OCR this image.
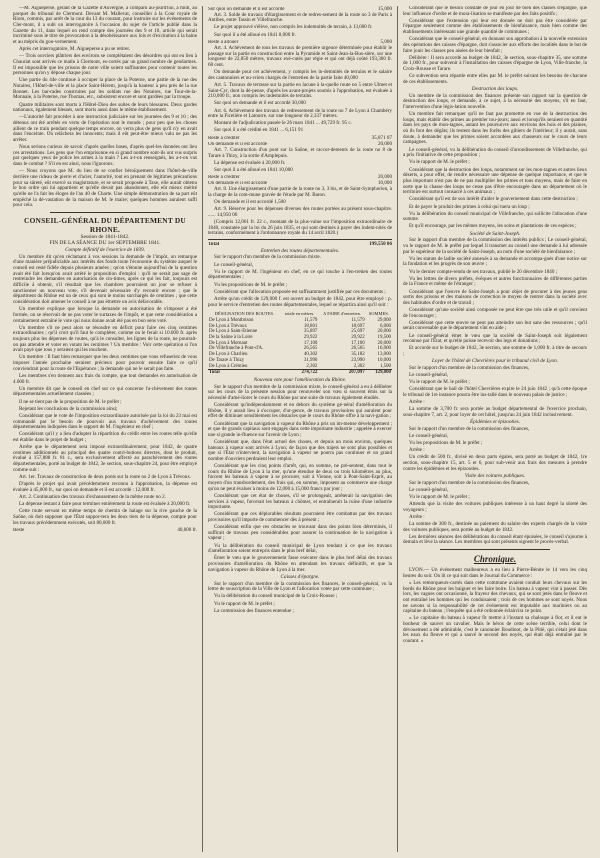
—M. Aigueperse, gérant de la Gazette d'Auvergne, à comparu au-jourd'hui, à midi, au parquet du tribunal de Clermont. Devant M. Mallevat, conseiller à la Cour royale de Riom, commis, par arrêt de la cour du 13 du courant, pour instruire sur les événements de Cler-mont, il a subi un interrogatoire à l'occasion du sujet de l'article publié dans la Gazette du 11, dans lequel on rend compte des journées des 9 et 10, article qui serait incriminé sous le titre de provocation à la désobéissance aux lois et d'excitation à la haine et au mépris du gou-vernement.

Après cet interrogatoire, M. Aigueperse a pu se retirer.

— Trois ouvriers plâtriers des environs se complétaient des désordres qui ont eu lieu à Chauriat sont arrivés ce matin à Clermont, es-cortés par un grand nombre de gendarmes. Il est impossible que les prisons de notre ville soient suffisantes pour contenir toutes les personnes qu'on y dépose chaque jour.

Une partie du 44e continue à occuper la place de la Poterne, une partie de la rue des Notaires, l'Hôtel-de-ville et la place Saint-Hérem, jusqu'à la hauteur à peu près de la rue Bonnet. Les bar-rades construites par les soldats rue des Notaires, rue Tour-de-la-Monnaie, à la Poterne, rue Thomas, etc., subsistent encore et sont gardées par la troupe.

Quatre militaires sont morts à l'Hôtel-Dieu des suites de leurs blessures. Deux gardes nationaux, également blessés, sont morts aussi dans le même établissement.

—L'autorité fait procéder à une instruction judiciaire sur les journées des 9 et 10 ; des détenus ont été arrêtés en vertu de l'opération tout le monde ; pour peu que les choses aillent de ce train pendant quelque temps encore, on verra plus de gens qu'il n'y en avait dans l'enceinte. On relâchera les innocents; mais il eût peut-être mieux valu ne pas les arrêter.

Nous serions curieux de savoir d'après quelles bases, d'après quel-les données ont lieu ces arrestations. Les gens que l'on emprisonne en si grand nombre sont-ils ont vus surpris par quelques yeux de police les armes à la main ? Les a-t-on renseignés, les a-t-on vus dans le combat ? S'il en est ainsi, nous l'ignorons.

— Nous croyons que M. du lieu de se confier héroïquement dans l'hôtel-de-ville derrière une rideau de pierre et d'acier, l'autorité, tout en prenant de légitimes précautions pour sa sûreté, eût exercé sa magistrature, et se serait proposée à Taxe, elle aurait obtenu le bon ordre qui lui appartient et qu'elle devait pas abandonner, elle eût mieux mérité qu'elle ne l'a fait les éloges de l'an 40 de Charte. Une simple démonstration de sa part eût empêché la dé-vastation de la maison de M. le maire; quelques hommes auraient suffi pour cela.

CONSEIL-GÉNÉRAL DU DÉPARTEMENT DU RHONE.
Session de 1841-1842.
FIN DE LA SÉANCE DU 1er SEPTEMBRE 1841.
Compte définitif de l'exercice de 1839.

Un membre dit qu'en réclamant à vos sessions la demande de l'impôt, on remarque d'une manière préjudiciable aux intérêts des fonds toute l'économie du système auquel le conseil est resté fidèle depuis plusieurs années ; qu'on s'étonne aujourd'hui de la question avait été fait lorsqu'on avait arrêté le proposition d'emploi : qu'il ne serait pas sage de restreindre les demandes en autorisation de cin-times, après ce qui les fait, toujours est difficile à obtenir, s'il résultait que les chambres pourraient un jour se refuser à sanctionner un nouveau vote, s'il devenait nécessaire d'y recourir encore ; que le départment du Rhône est un de ceux qui sont le moins surchargés de centimes ; que cette considération doit amener le conseil à ne pas émettre un avis défavorable.

Un membre explique que lorsque la demande en autorisation de s'imposer a été formée, on se réservait de ne pas voter le surtaxes de l'impôt, et que cette considération a certainement entraîné le vote qui nous donne avait été pas en bon sens voté.

Un membre s'il ne peut alors se résoudre en déficit pour faire ces cinq centimes extraordinaires ; qu'il croit qu'il faut le compléter, comme on le ferait si 10.000 fr. après toujours plus les dépenses de routes, qu'à le consulter, les lignes de la route, ne pourrait-on pas attendre et voter en votant les centimes ? Un membre : Voir cette opération si l'on avait payé que tous y seraient qui les touchent.

Un membre : Il faut bien remarquer que les deux centimes que vous refuseriez de vous imposer l'année prochaine seraient précieux pour pouvoir ensuite faire ce qu'il conviendrait pour la route de l'Espérance ; la demande qui ne le serait pas faite.

Les membres s'en tiennent aux frais du compte, que tout demandes en autorisation de 4.000 fr.

Un membre dit que le conseil en chef sur ce qui concerne l'a-chèvement des routes départementales actuellement classées ;

Il ne se tient pas de la proposition de M. le préfet ;

Rejetant les conclusions de la commission ainsi;

Considérant que le vote de l'imposition extraordinaire autorisée par la loi du 23 mai est commandé par le besoin de pourvoir aux travaux d'achèvement des routes départementales indiquées dans le rapport de M. l'ingénieur en chef ;

Considérant qu'il y a lieu d'adopter la répartition du crédit entre les routes telle qu'elle est établie dans le projet de budget ;

Arrête que le département sera imposé extraordinairement, pour 1842, de quatre centimes additionnels au principal des quatre contri-butions directes, dont le produit, évalué à 157,888 fr. 81 c., sera exclusivement affecté au parachèvement des routes départementales, porté au budget de 1842, 3e section, sous-chapitre 24, pour être employé comme suit :

Art. 1er. Travaux de construction de deux ponts sur la route no 2 de Lyon à Trévoux.

D'après le projet qui avait précédemment reconnu à l'approbation, la dépense est évaluée à 45,000 fr., sur quoi on demande et il est accordé : 12,000 fr.

Art. 2. Continuation des travaux d'exhaussement de la même route no 2.

La dépense restant à faire pour terminer entièrement la route est évaluée à 20,000 fr.

Cette route servant en même temps de chemin de halage sur la rive gauche de la Saône, où doit supposer que l'État suppor-tera les deux tiers de la dépense, compte pour les travaux précédemment exécutés, soit 80,000 fr.

Reste	40,000 fr.
Sur quoi on demande et il est accordé	15,000

Art. 3. Solde de travaux d'élargissement et de redres-sement de la route no 3 de Paris à Antibes, entre Tassin et Villefranche.

Le projet approuvé s'élève, non compris les indemnités de terrain, à 13,000 fr.

Sur quoi il a été alloué en 1841 8,000 fr.

Reste à allouer	5,000

Art. 4. Achèvement de tous les travaux de première urgence déterminée pour établir le passage sur la partie en construction entre la Pyramide et Saint-Jean-la-Bus-sière, sur une longueur de 22,850 mètres, travaux exé-cutés par régie et qui ont déjà coûté 193,300 fr. 68 cent.

On demande pour cet achèvement, y compris les in-demnités de terrains et le salaire des cantonniers et ou-vriers chargés de l'entretien de la partie faite 40,000

Art. 5. Travaux de terrasse sur la partie en lacune à la-quelle route no 5 entre Ulmet et Saint-Cyr, dont la dé-pense, d'après les avant-projets soumis à l'approbation, est évaluée à 210,000 fr., non compris les indemnités de terrains.

Sur quoi on demande et il est accordé 30,000

Art. 6. Achèvement des travaux de redressement de la route no 7 de Lyon à Chambéry entre la Ficelière et Latourre, sur une longueur de 2,337 mètres.

Montant de l'adjudication passée le 26 mars 1841 ... 49,729 fr. 95 c.

Sur quoi il a été crédité en 1841 ... 6,151 91

Reste à créditer	35,871 07
On demande et il est accordé	20,000

Art. 7. Construction d'un pont sur la Saône, et raccor-dements de la route no 8 de Tarare à Thizy, à la sortie d'Amplepuis.

La dépense est évaluée à 20,000 fr.

Sur quoi il a été alloué en 1841 10,000

Reste à créditer	20,000
On demande et il est accordé	10,000

Art. 8. Une élargissement d'une partie de la route no 3, 3 bis, et de Saint-Symphorien, à la charge de la com-mune gravée de l'étude par M. Baron.

On demande et il est accordé 1,500

Art. 9. Réserve pour les dépenses diverses des routes portées au présent sous-chapitre. ...... 14,950 06

(Compris 12,061 fr. 22 c., montant de la plus-value sur l'imposition extraordinaire de 1840, constatée par la loi du 26 juin 1835, et qui sont destinés à payer des indem-nités de terrains, conformément à l'ordonnance royale du 14 avril 1820.)

Total	199,550 06
Entretien des routes départementales.

Sur le rapport d'un membre de la commission mixte.

Le conseil-général,

Vu le rapport de M. l'ingénieur en chef, en ce qui touche à l'en-tretien des routes départementales ;

Vu les propositions de M. le préfet ;

Considérant que l'allocation proposée est suffisamment justifiée par ces documents ;

Arrête qu'un crédit de 129,000 f. est ouvert au budget de 1842, pour être employé : p. pour le service d'entretien des routes départementales, lequel se répartira ainsi qu'il suit :

DÉSIGNATION DES ROUTES.	totale en mètres.	A FAIRE d'entretien.	SOMMES.
De Lyon à Montbrison	11,579	11,579	29,000
De Lyon à Trévoux	18,801	18,697	6,000
De Lyon à Saint-Etienne	35,897	25,697	20,000
De la Saône à la Loire	29,922	29,922	19,500
De Lyon à Mornant	17,100	17,100	20,000
De Villefranche à Pont-d'A.	26,565	26,565	16,000
De Lyon à Charlieu	40,302	35,182	13,000
De Tarare à Thizy	31,990	23,990	10,000
De Lyon à Crémieu	2,302	2,302	1,500
Total	274,722	207,097	129,000
Nouveau vote pour l'amélioration du Rhône.

Sur le rapport d'un membre de la commission mixte, le conseil-général a eu à délibérer sur les cours de la présente session pour renouveler son vœu si souvent émis sur la nécessité d'amé-liorer le cours du Rhône par une suite de travaux également étudiés.

Considérant qu'indépendamment et en dehors du système gé-néral d'amélioration du Rhône, il y aurait lieu à s'occuper, d'ur-gence, de travaux provisoires qui auraient pour effet de diminuer sensiblement les obstacles que le cours du Rhône offre à la navi-gation ;

Considérant que la navigation à vapeur du Rhône a pris un im-mense développement ; et que de grands capitaux sont engagés dans cette importante industrie ; appelée à exercer une si grande in-fluence sur l'avenir de Lyon ;

Considérant que, dans l'état actuel des choses, et depuis un mois environ, quelques bateaux à vapeur sont arrivés à Lyon; de façon que des trajets ne sont plus possibles et que si l'État n'intervient, la navigation à vapeur ne pourra pas continuer et un grand nombre d'ouvriers perdraient leur emploi.

Considérant que les cinq points d'arrêt, qui, en somme, ne pré-sentent, dans tout le cours du Rhône de Lyon à la mer, qu'une étendue de deux ou trois kilomètres au plus, forcent les bateaux à vapeur à se procurer, soit à Vienne, soit à Pont-Saint-Esprit, au moyen d'un transbordement, des frais qui, en somme, imposent au commerce une charge qu'on ne peut évaluer à moins de 12,000 à 15,000 francs par jour ;

Considérant que cet état de choses, s'il se prolongeait, arrêterait la navigation des services à vapeur, forcerait les bateaux à chômer, et entraînerait la ruine d'une industrie importante.

Considérant que ces déplorables résultats pourraient être combattus par des travaux provisoires qu'il importe de commencer dès à présent ;

Considérant enfin que ces obstacles se trouvant dans des points bien déterminés, il suffirait de travaux peu considérables pour assurer la continuation de la navigation à vapeur ;

Vu la délibération du conseil municipal de Lyon tendant à ce que les travaux d'amélioration soient entrepris dans le plus bref délai,

Émet le vœu que le gouvernement fasse exécuter dans le plus bref délai des travaux provisoires d'amélioration du Rhône en attendant les travaux définitifs, et que la navigation à vapeur du Rhône de Lyon à la mer.

Caisses d'épargne.

Sur le rapport d'un membre de la commission des finances, le conseil-général, vu la lettre de souscription de la Ville de Lyon et l'allocation votée par cette commune ;

Vu la délibération du conseil municipal de la Croix-Rousse ;

Vu le rapport de M. le préfet ;

La commission des finances entendue ;

Considérant que le besoin constaté de jour en jour de bien des classes d'épargne, que leur influence d'ordre et de mora-lisation se manifeste par des faits positifs ;

Considérant que l'extension qui leur est donnée ne doit pas être considérée par l'épargne seulement comme des établissements de bienfaisance, mais bien comme des établissements intéressant une grande quantité de communes ;

Considérant que le conseil-général, en donnant son approbation à la nouvelle extension des opérations des caisses d'épargne, doit s'associer aux efforts des localités dans le but de faire jouir les classes peu aisées de leur bienfait ;

Délibère : Il sera accordé au budget de 1842, 3e section, sous-chapitre 35, une somme de 1,000 fr., pour subvenir à l'installation des caisses d'épargne de Lyon, Ville-franche, la Croix-Rousse et Tarare.

Ce subvention sera répartie entre elles par M. le préfet suivant les besoins de chacune de ces établissements.

Destruction des loups.

Un membre de la commission des finances présente son rapport sur la question de destruction des loups, et demande, à ce sujet, à la nécessité des moyens, s'il en faut, l'intervention d'une légis-lation nouvelle.

Un membre fait remarquer qu'il ne faut pas promettre en vue de la destruction des loups, mais établir des primes au premier tou-jours; aussi et lorsqu'ils seraient en quantité dans les pays de mon-tagnes, autant les poursuivre aux environs des bois et des plaines, où ils font des dégâts; ils restent dans les forêts des gibiers de l'intérieur; il y aurait, sans doute, à demander que les primes soient accordées aux chasseurs sur le cours de leurs campagnes.

Le conseil-général, vu la délibération du conseil d'arrondissement de Villefranche, qui a pris l'initiative de cette proposition ;

Vu le rapport de M. le préfet ;

Considérant que la destruction des loups, notamment sur les mon-tagnes et autres lieux déserts, a pour effet, de rendre nécessaire une dépense de quelque importance, et que le plus important n'est pas de ne pas multiplier les primes et tous moyens, mais de faire en sorte que la chasse des loups ne cesse pas d'être encouragée dans un département où le territoire est surtout consacré à ces animaux ;

Considérant qu'il est de son intérêt d'aider le gouvernement dans cette destruction ;

Et de payer le produit des primes à celui qui tuera un loup ;

Vu la délibération du conseil municipal de Villefranche, qui sollicite l'allocation d'une somme.

Et qu'il encourage, par les mêmes moyens, les soins et plantations de ces espèces ;

Société de Saint-Joseph.

Sur le rapport d'un membre de la commission des intérêts publics ; Le conseil-général, vu le rapport de M. le préfet par lequel il transmet au conseil une demande à lui adressée par le supérieur de la société de Saint-Joseph, au nom d'une société de bienfaisance ;

Vu les statuts de ladite société annexés à sa demande et accompa-gnés d'une notice sur la fondation et les progrès de son œuvre ;

Vu le dernier compte-rendu de ses travaux, publié le 20 décembre 1840 ;

Vu les lettres de divers préfets, évêques et autres fonctionnaires de différentes parties de la France et même de l'étranger ;

Considérant que l'œuvre de Saint-Joseph a pour objet de procurer à des jeunes gens sortis des prisons et des maisons de correction le moyen de rentrer dans la société avec des habitudes d'ordre et de travail ;

Considérant qu'une société ainsi composée ne peut être que très utile et qu'il convient de l'encourager ;

Considérant que cette œuvre ne peut pas atteindre son but sans des ressources ; qu'il serait convenable que le département vînt en aide ;

Le conseil-général émet le vœu que la société de Saint-Joseph soit légalement reconnue par l'État, et qu'elle puisse recevoir des legs et donations ;

Et accorde sur le budget de 1842, 3e section, une somme de 1,000 fr. à titre de secours ;

Loyer de l'hôtel de Chevrières pour le tribunal civil de Lyon.

Sur le rapport d'un membre de la commission des finances,

Le conseil-général,

Vu le rapport de M. le préfet ;

Considérant que le bail de l'hôtel Chevrières expire le 24 juin 1842 ; qu'à cette époque le tribunal de 1re instance pourra être ins-tallé dans le nouveau palais de justice ;

Arrête :

La somme de 3,700 fr. sera portée au budget départemental de l'exercice prochain, sous-chapitre 7, art. 2, pour loyer de cet hôtel, jusqu'au 24 juin 1842 inclusivement.

Épidémies et épizooties.

Sur le rapport d'un membre de la commission des finances,

Le conseil-général,

Vu les propositions de M. le préfet ;

Arrête :

Un crédit de 500 fr., divisé en deux parts égales, sera porté au budget de 1842, 1re section, sous-chapitre 15, art. 5 et 6, pour sub-venir aux frais des mesures à prendre contre les épidémies et les épizooties.

Visite des voitures publiques.

Sur le rapport d'un membre de la commission des finances,

Le conseil-général,

Vu le rapport de M. le préfet ;

Attendu que la visite des voitures publiques intéresse à un haut degré la sûreté des voyageurs ;

Arrête :

La somme de 300 fr., destinée au paiement du salaire des experts chargés de la visite des voitures publiques, sera portée au budget de 1842.

Les dernières séances des délibérations du conseil étant épuisées, le conseil s'ajourne à demain et lève la séance. Les membres qui sont présents signent le procès-verbal.

Chronique.

LYON.— Un événement malheureux a eu lieu à Pierre-Bénite le 14 vers les cinq heures du soir. On lit ce qui suit dans le Journal du Commerce :

« Les remorqueurs-carrés dans cette commune avaient conduit leurs chevaux sur les bords du Rhône pour les baigner et les faire boire. Un bateau à vapeur vint à passer. Dès lors, les vagues ont occasionné, la frayeur des chevaux, qui se sont jetés dans le fleuve et ont entraîné les hommes qui les conduisaient ; trois de ces hommes se sont noyés. Nous ne savons si la responsabilité de cet événement est imputable aux mariniers ou au capitaine du bateau ; l'enquête qui a été ordonnée éclaircira ce point.

« Le capitaine du bateau à vapeur fit mettre à l'instant sa chaloupe à flot, et il eut le bonheur de sauver un cavalier. Mais le héros de cette scène terrible, celui dont le dévouement a été admirable, c'est le canonnier Boudinot, de la Pitié, qui s'était jeté dans les eaux du fleuve et qui a sauvé le second des noyés, qui était déjà entraîné par le courant. »
